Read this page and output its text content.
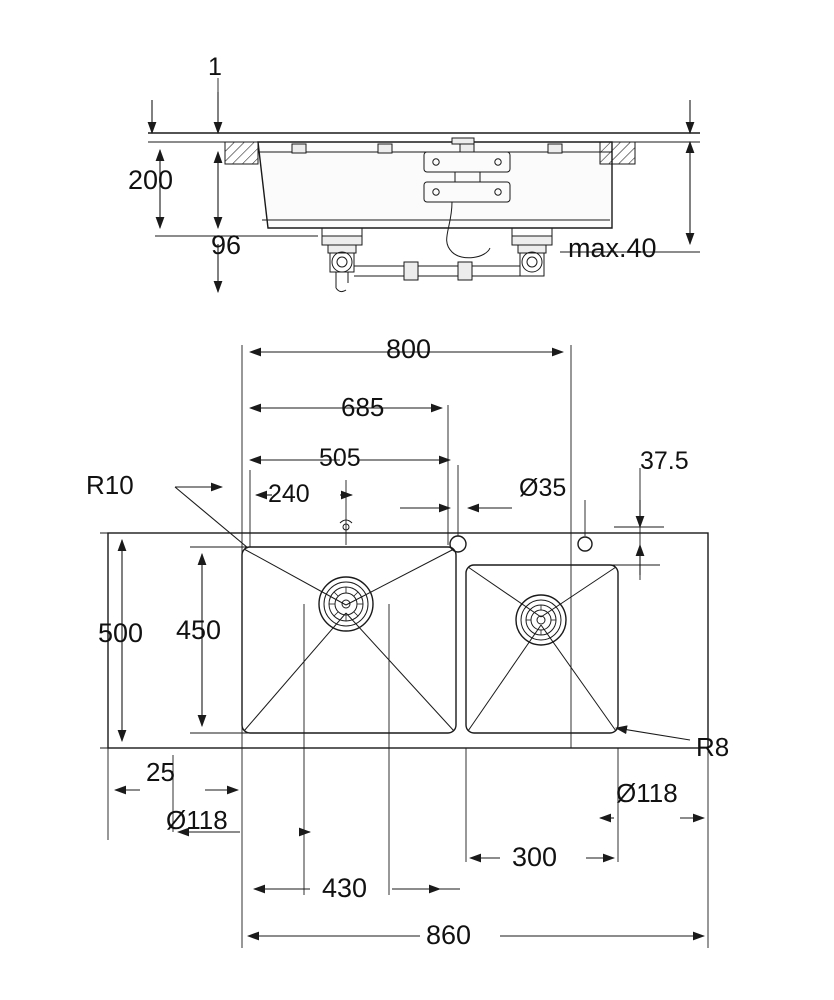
1
200
96	max.40
800
685
505
240	Ø35
37.5
R10
R8
500 450
25
Ø118
Ø118
300
430
860
